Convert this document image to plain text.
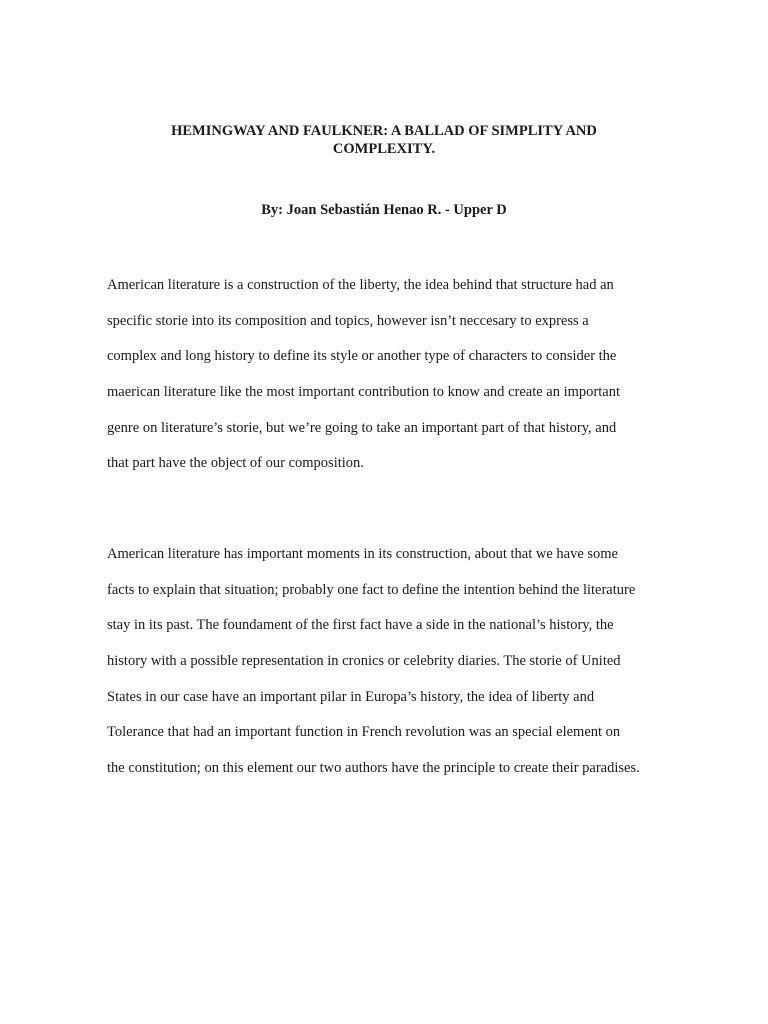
HEMINGWAY AND FAULKNER: A BALLAD OF SIMPLITY AND
COMPLEXITY.
By: Joan Sebastián Henao R. - Upper D
American literature is a construction of the liberty, the idea behind that structure had an
specific storie into its composition and topics, however isn’t neccesary to express a
complex and long history to define its style or another type of characters to consider the
maerican literature like the most important contribution to know and create an important
genre on literature’s storie, but we’re going to take an important part of that history, and
that part have the object of our composition.
American literature has important moments in its construction, about that we have some
facts to explain that situation; probably one fact to define the intention behind the literature
stay in its past. The foundament of the first fact have a side in the national’s history, the
history with a possible representation in cronics or celebrity diaries. The storie of United
States in our case have an important pilar in Europa’s history, the idea of liberty and
Tolerance that had an important function in French revolution was an special element on
the constitution; on this element our two authors have the principle to create their paradises.
